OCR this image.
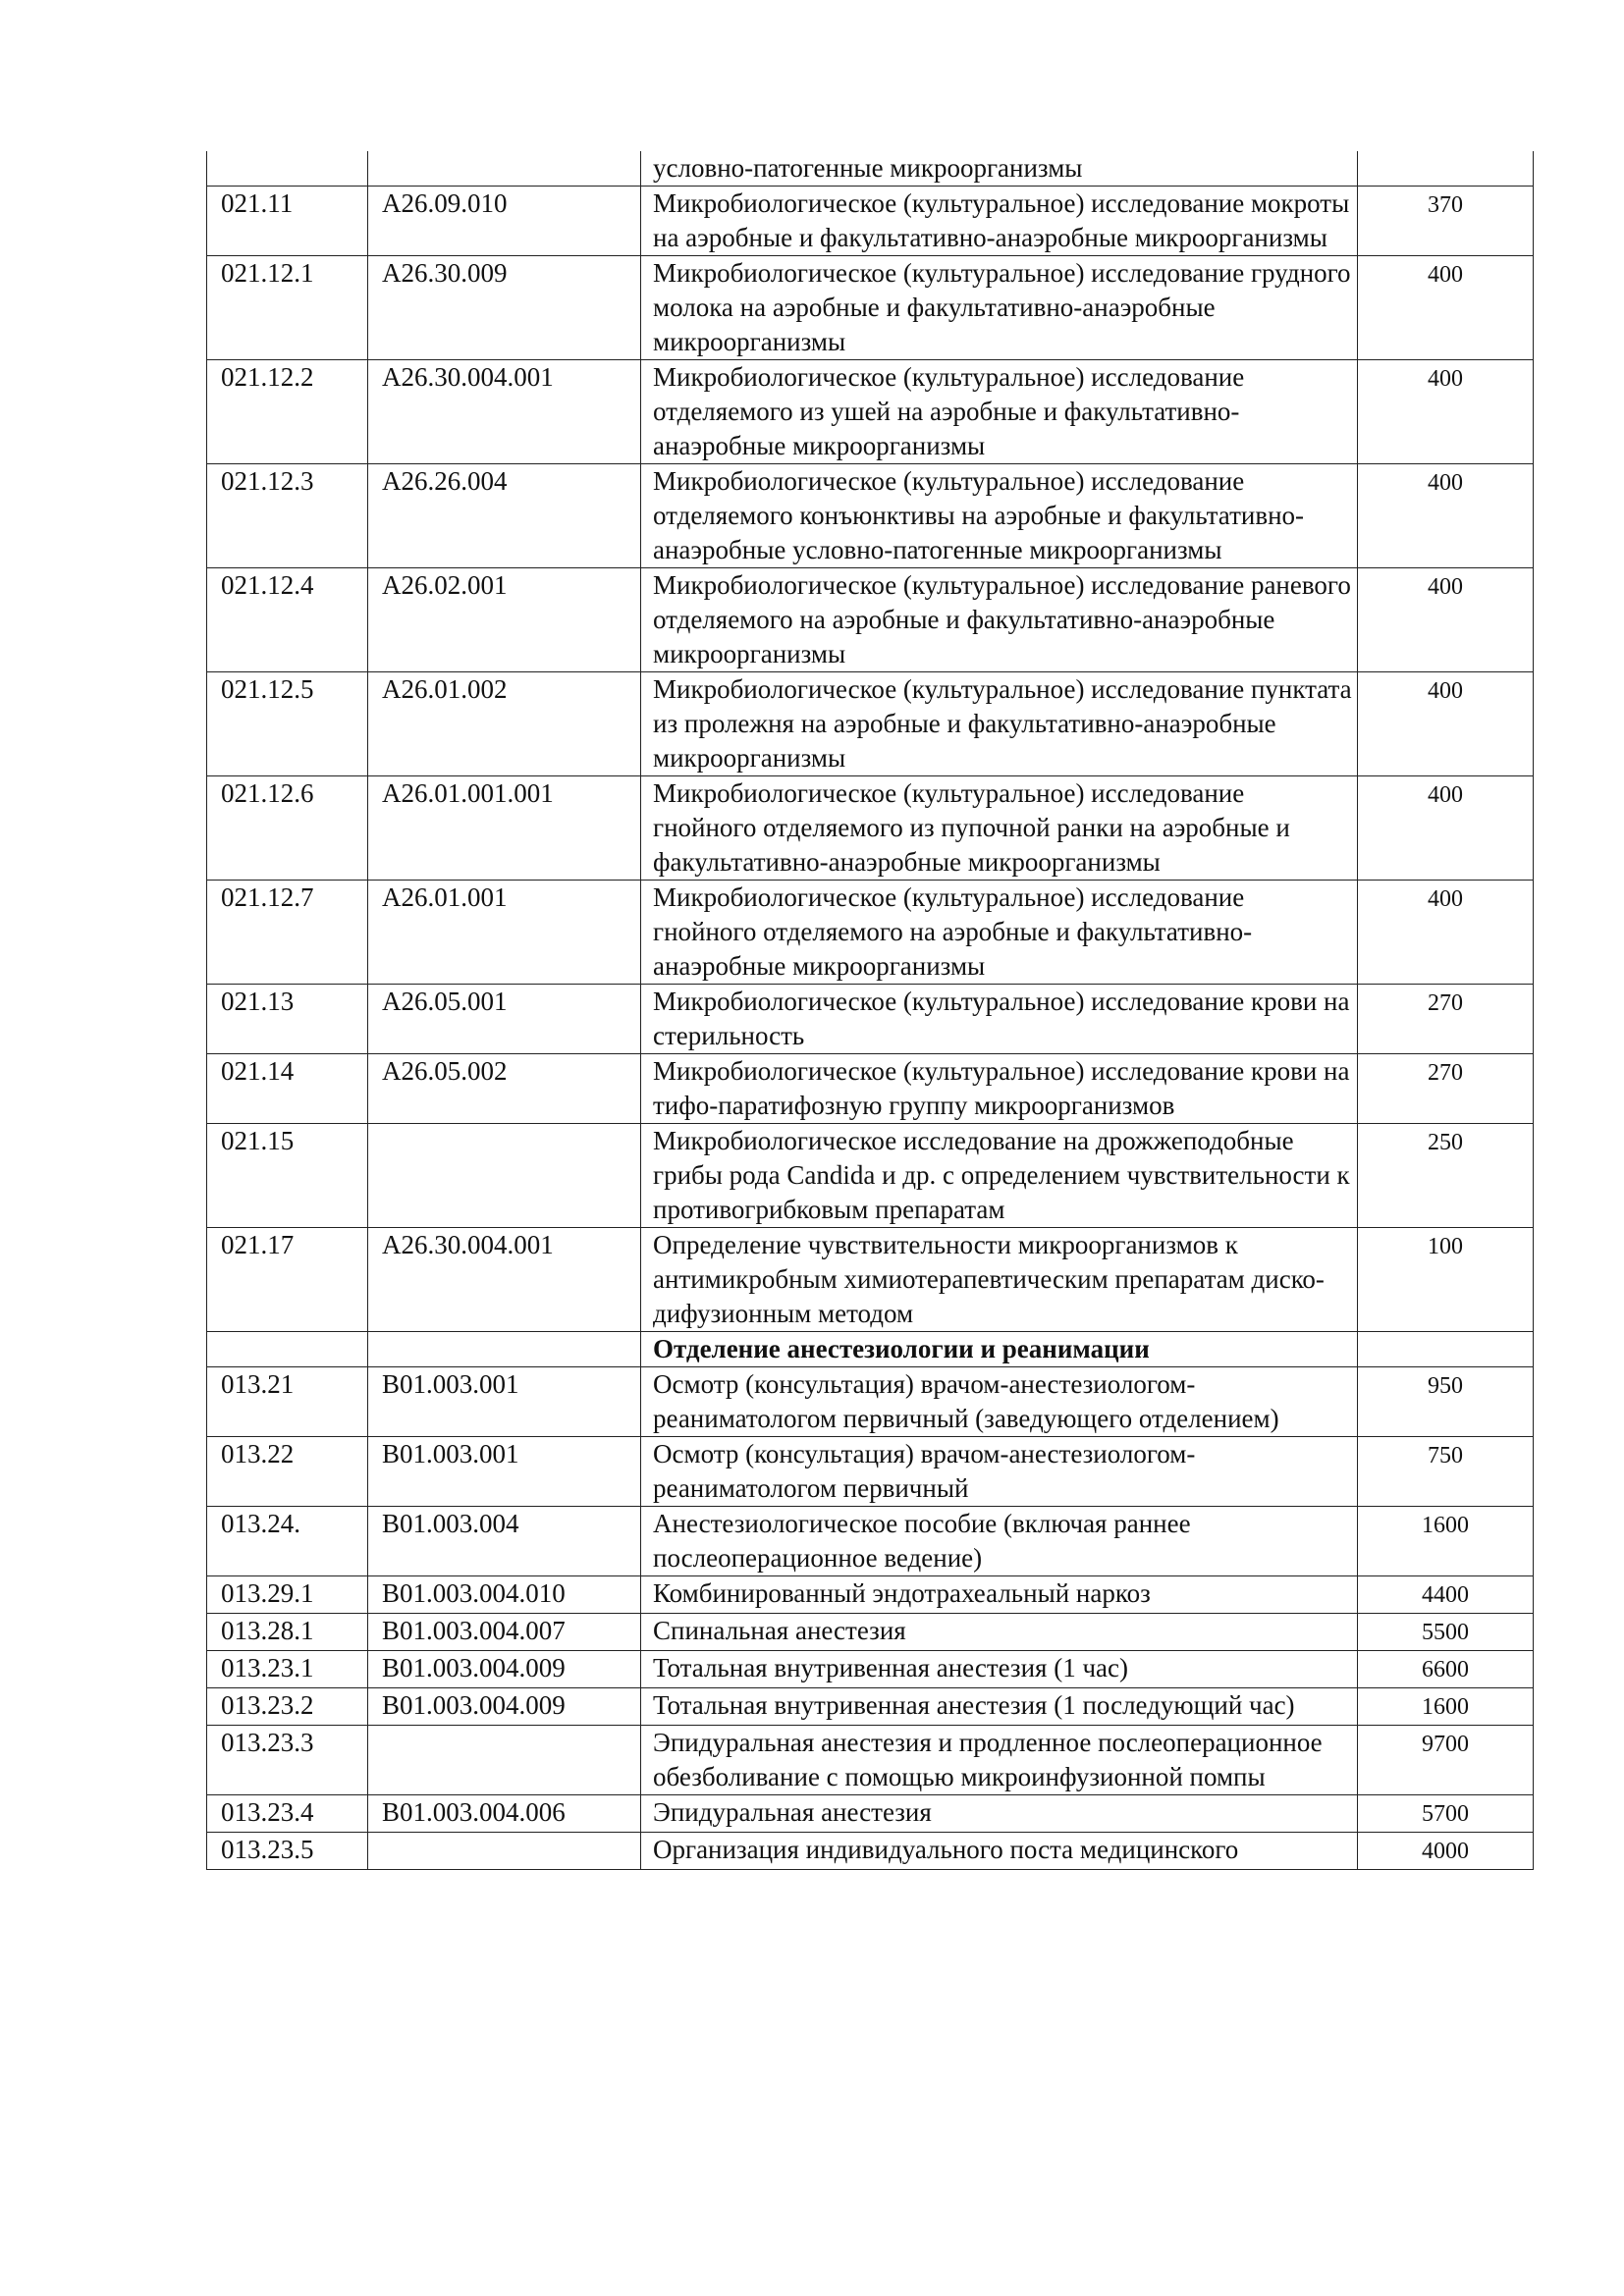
		условно-патогенные микроорганизмы	
021.11	А26.09.010	Микробиологическое (культуральное) исследование мокроты на аэробные и факультативно-анаэробные микроорганизмы	370
021.12.1	А26.30.009	Микробиологическое (культуральное) исследование грудного молока на аэробные и факультативно-анаэробные микроорганизмы	400
021.12.2	А26.30.004.001	Микробиологическое (культуральное) исследование отделяемого из ушей на аэробные и факультативно-анаэробные микроорганизмы	400
021.12.3	А26.26.004	Микробиологическое (культуральное) исследование отделяемого конъюнктивы на аэробные и факультативно-анаэробные условно-патогенные микроорганизмы	400
021.12.4	А26.02.001	Микробиологическое (культуральное) исследование раневого отделяемого на аэробные и факультативно-анаэробные микроорганизмы	400
021.12.5	А26.01.002	Микробиологическое (культуральное) исследование пунктата из пролежня на аэробные и факультативно-анаэробные микроорганизмы	400
021.12.6	А26.01.001.001	Микробиологическое (культуральное) исследование гнойного отделяемого из пупочной ранки на аэробные и факультативно-анаэробные микроорганизмы	400
021.12.7	А26.01.001	Микробиологическое (культуральное) исследование гнойного отделяемого на аэробные и факультативно-анаэробные микроорганизмы	400
021.13	А26.05.001	Микробиологическое (культуральное) исследование крови на стерильность	270
021.14	А26.05.002	Микробиологическое (культуральное) исследование крови на тифо-паратифозную группу микроорганизмов	270
021.15		Микробиологическое исследование на дрожжеподобные грибы рода Candida и др. с определением чувствительности к противогрибковым препаратам	250
021.17	А26.30.004.001	Определение чувствительности микроорганизмов к антимикробным химиотерапевтическим препаратам диско-дифузионным методом	100
		Отделение анестезиологии и реанимации	
013.21	В01.003.001	Осмотр (консультация) врачом-анестезиологом-реаниматологом первичный (заведующего отделением)	950
013.22	В01.003.001	Осмотр (консультация) врачом-анестезиологом-реаниматологом первичный	750
013.24.	В01.003.004	Анестезиологическое пособие (включая раннее послеоперационное ведение)	1600
013.29.1	В01.003.004.010	Комбинированный эндотрахеальный наркоз	4400
013.28.1	В01.003.004.007	Спинальная анестезия	5500
013.23.1	В01.003.004.009	Тотальная внутривенная анестезия (1 час)	6600
013.23.2	В01.003.004.009	Тотальная внутривенная анестезия (1 последующий час)	1600
013.23.3		Эпидуральная анестезия и продленное послеоперационное обезболивание с помощью микроинфузионной помпы	9700
013.23.4	В01.003.004.006	Эпидуральная анестезия	5700
013.23.5		Организация индивидуального поста медицинского	4000
